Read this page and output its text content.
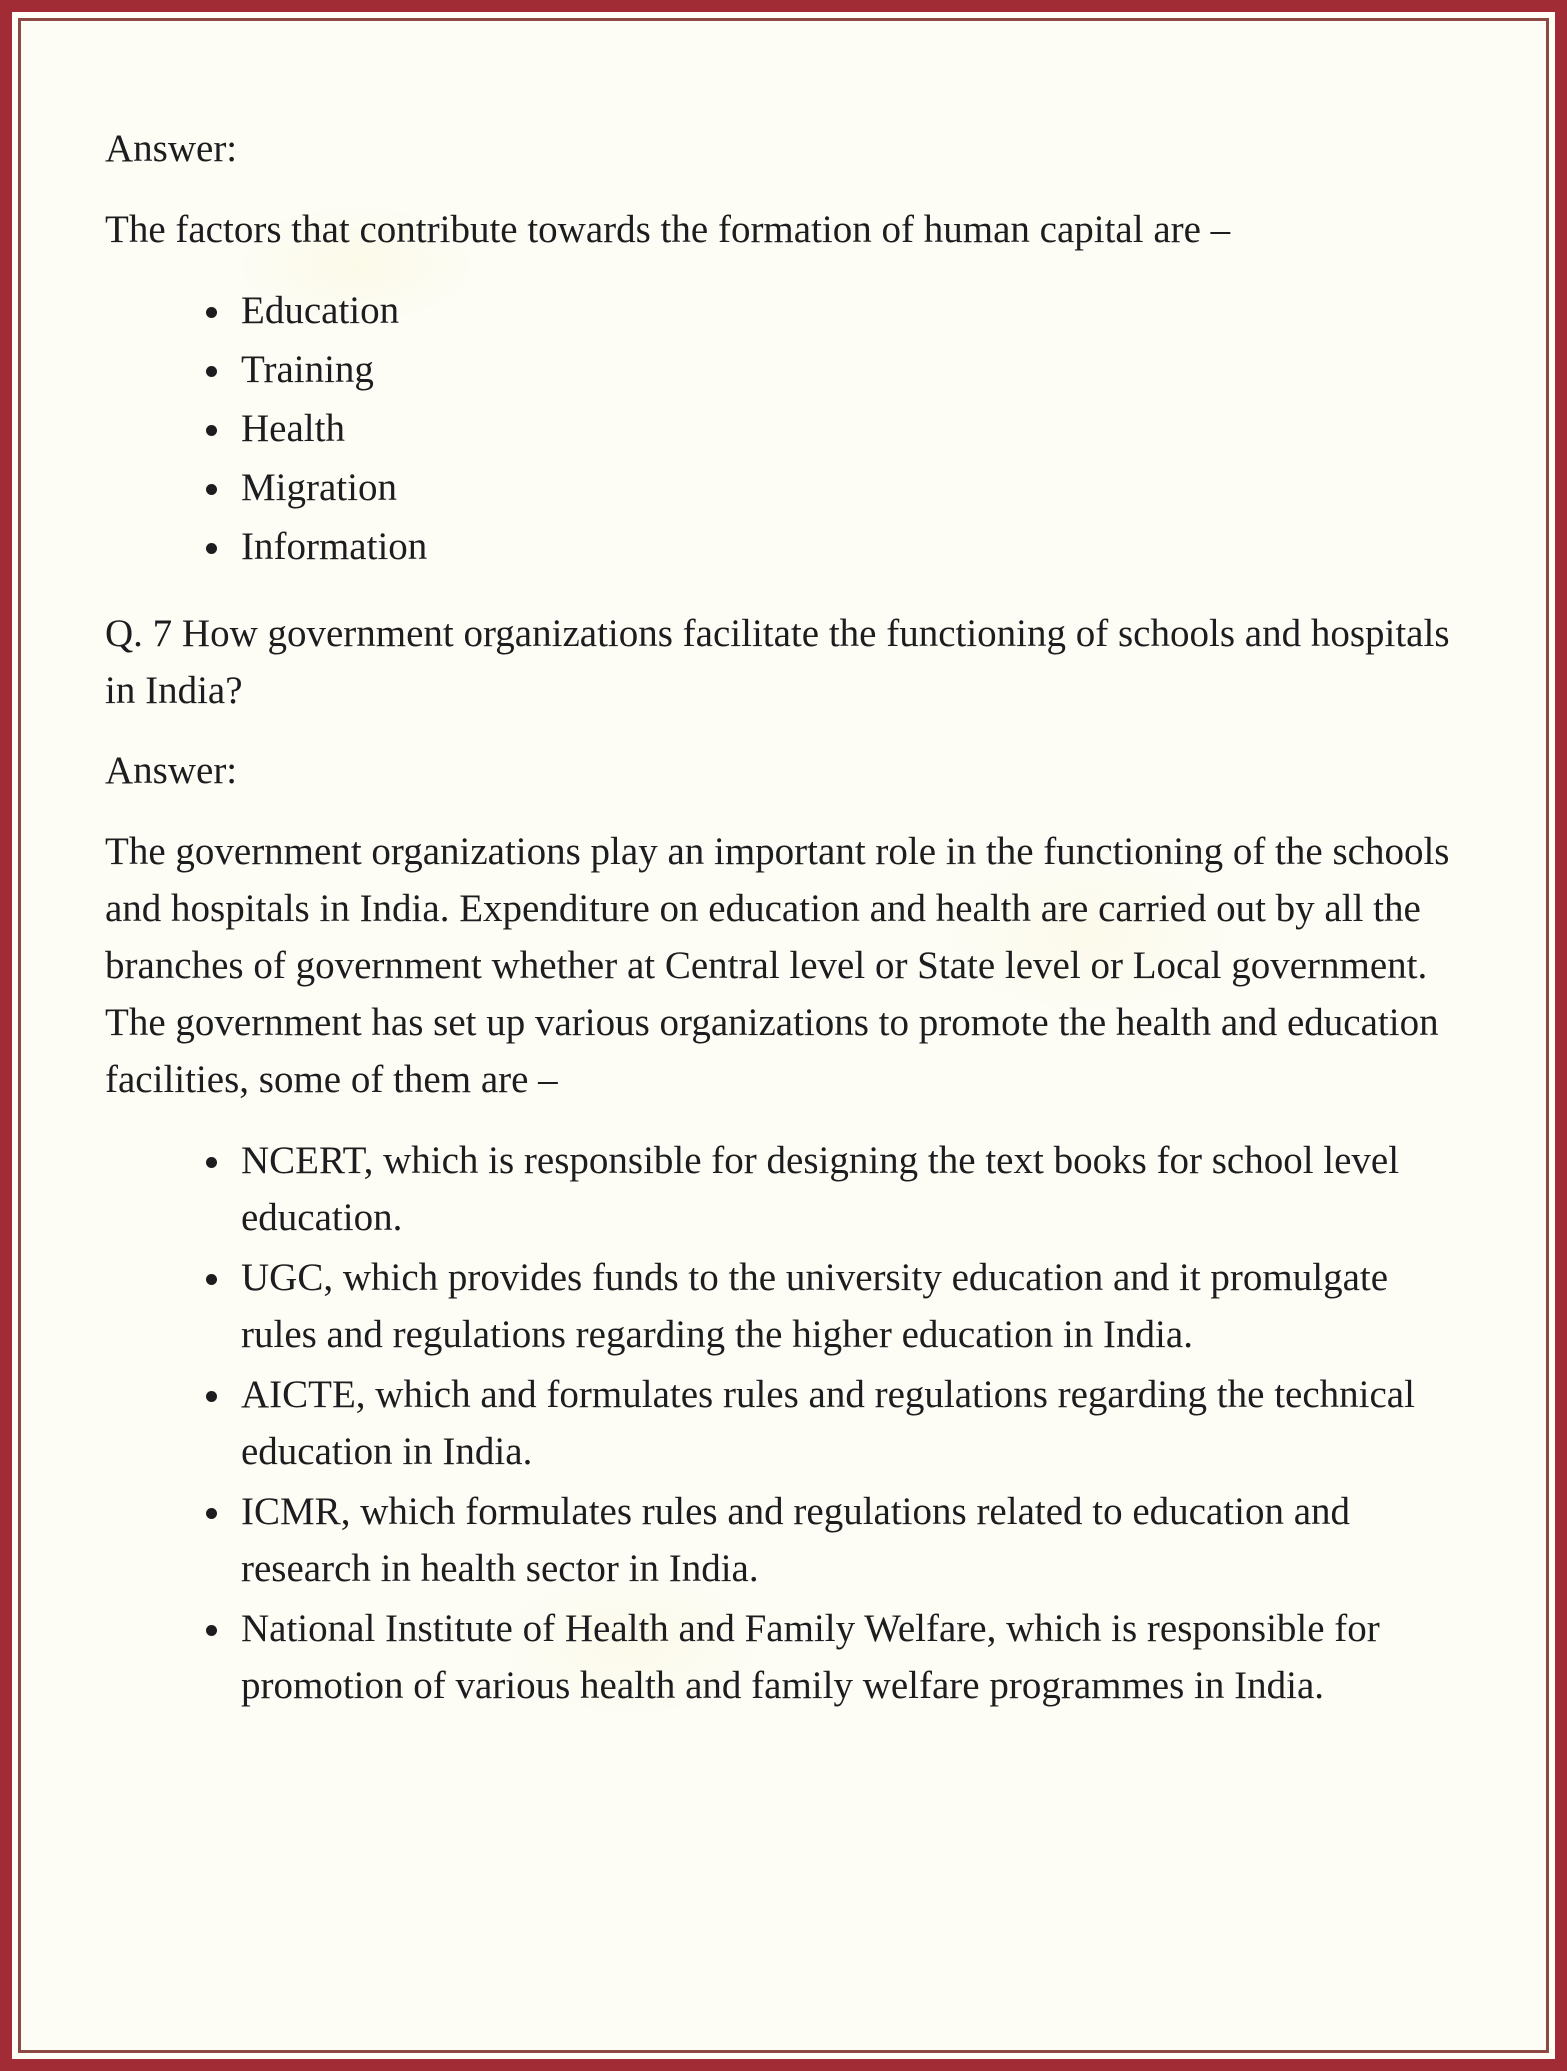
Answer:

The factors that contribute towards the formation of human capital are –

• Education
• Training
• Health
• Migration
• Information

Q. 7 How government organizations facilitate the functioning of schools and hospitals in India?

Answer:

The government organizations play an important role in the functioning of the schools and hospitals in India. Expenditure on education and health are carried out by all the branches of government whether at Central level or State level or Local government. The government has set up various organizations to promote the health and education facilities, some of them are –

• NCERT, which is responsible for designing the text books for school level education.
• UGC, which provides funds to the university education and it promulgate rules and regulations regarding the higher education in India.
• AICTE, which and formulates rules and regulations regarding the technical education in India.
• ICMR, which formulates rules and regulations related to education and research in health sector in India.
• National Institute of Health and Family Welfare, which is responsible for promotion of various health and family welfare programmes in India.
